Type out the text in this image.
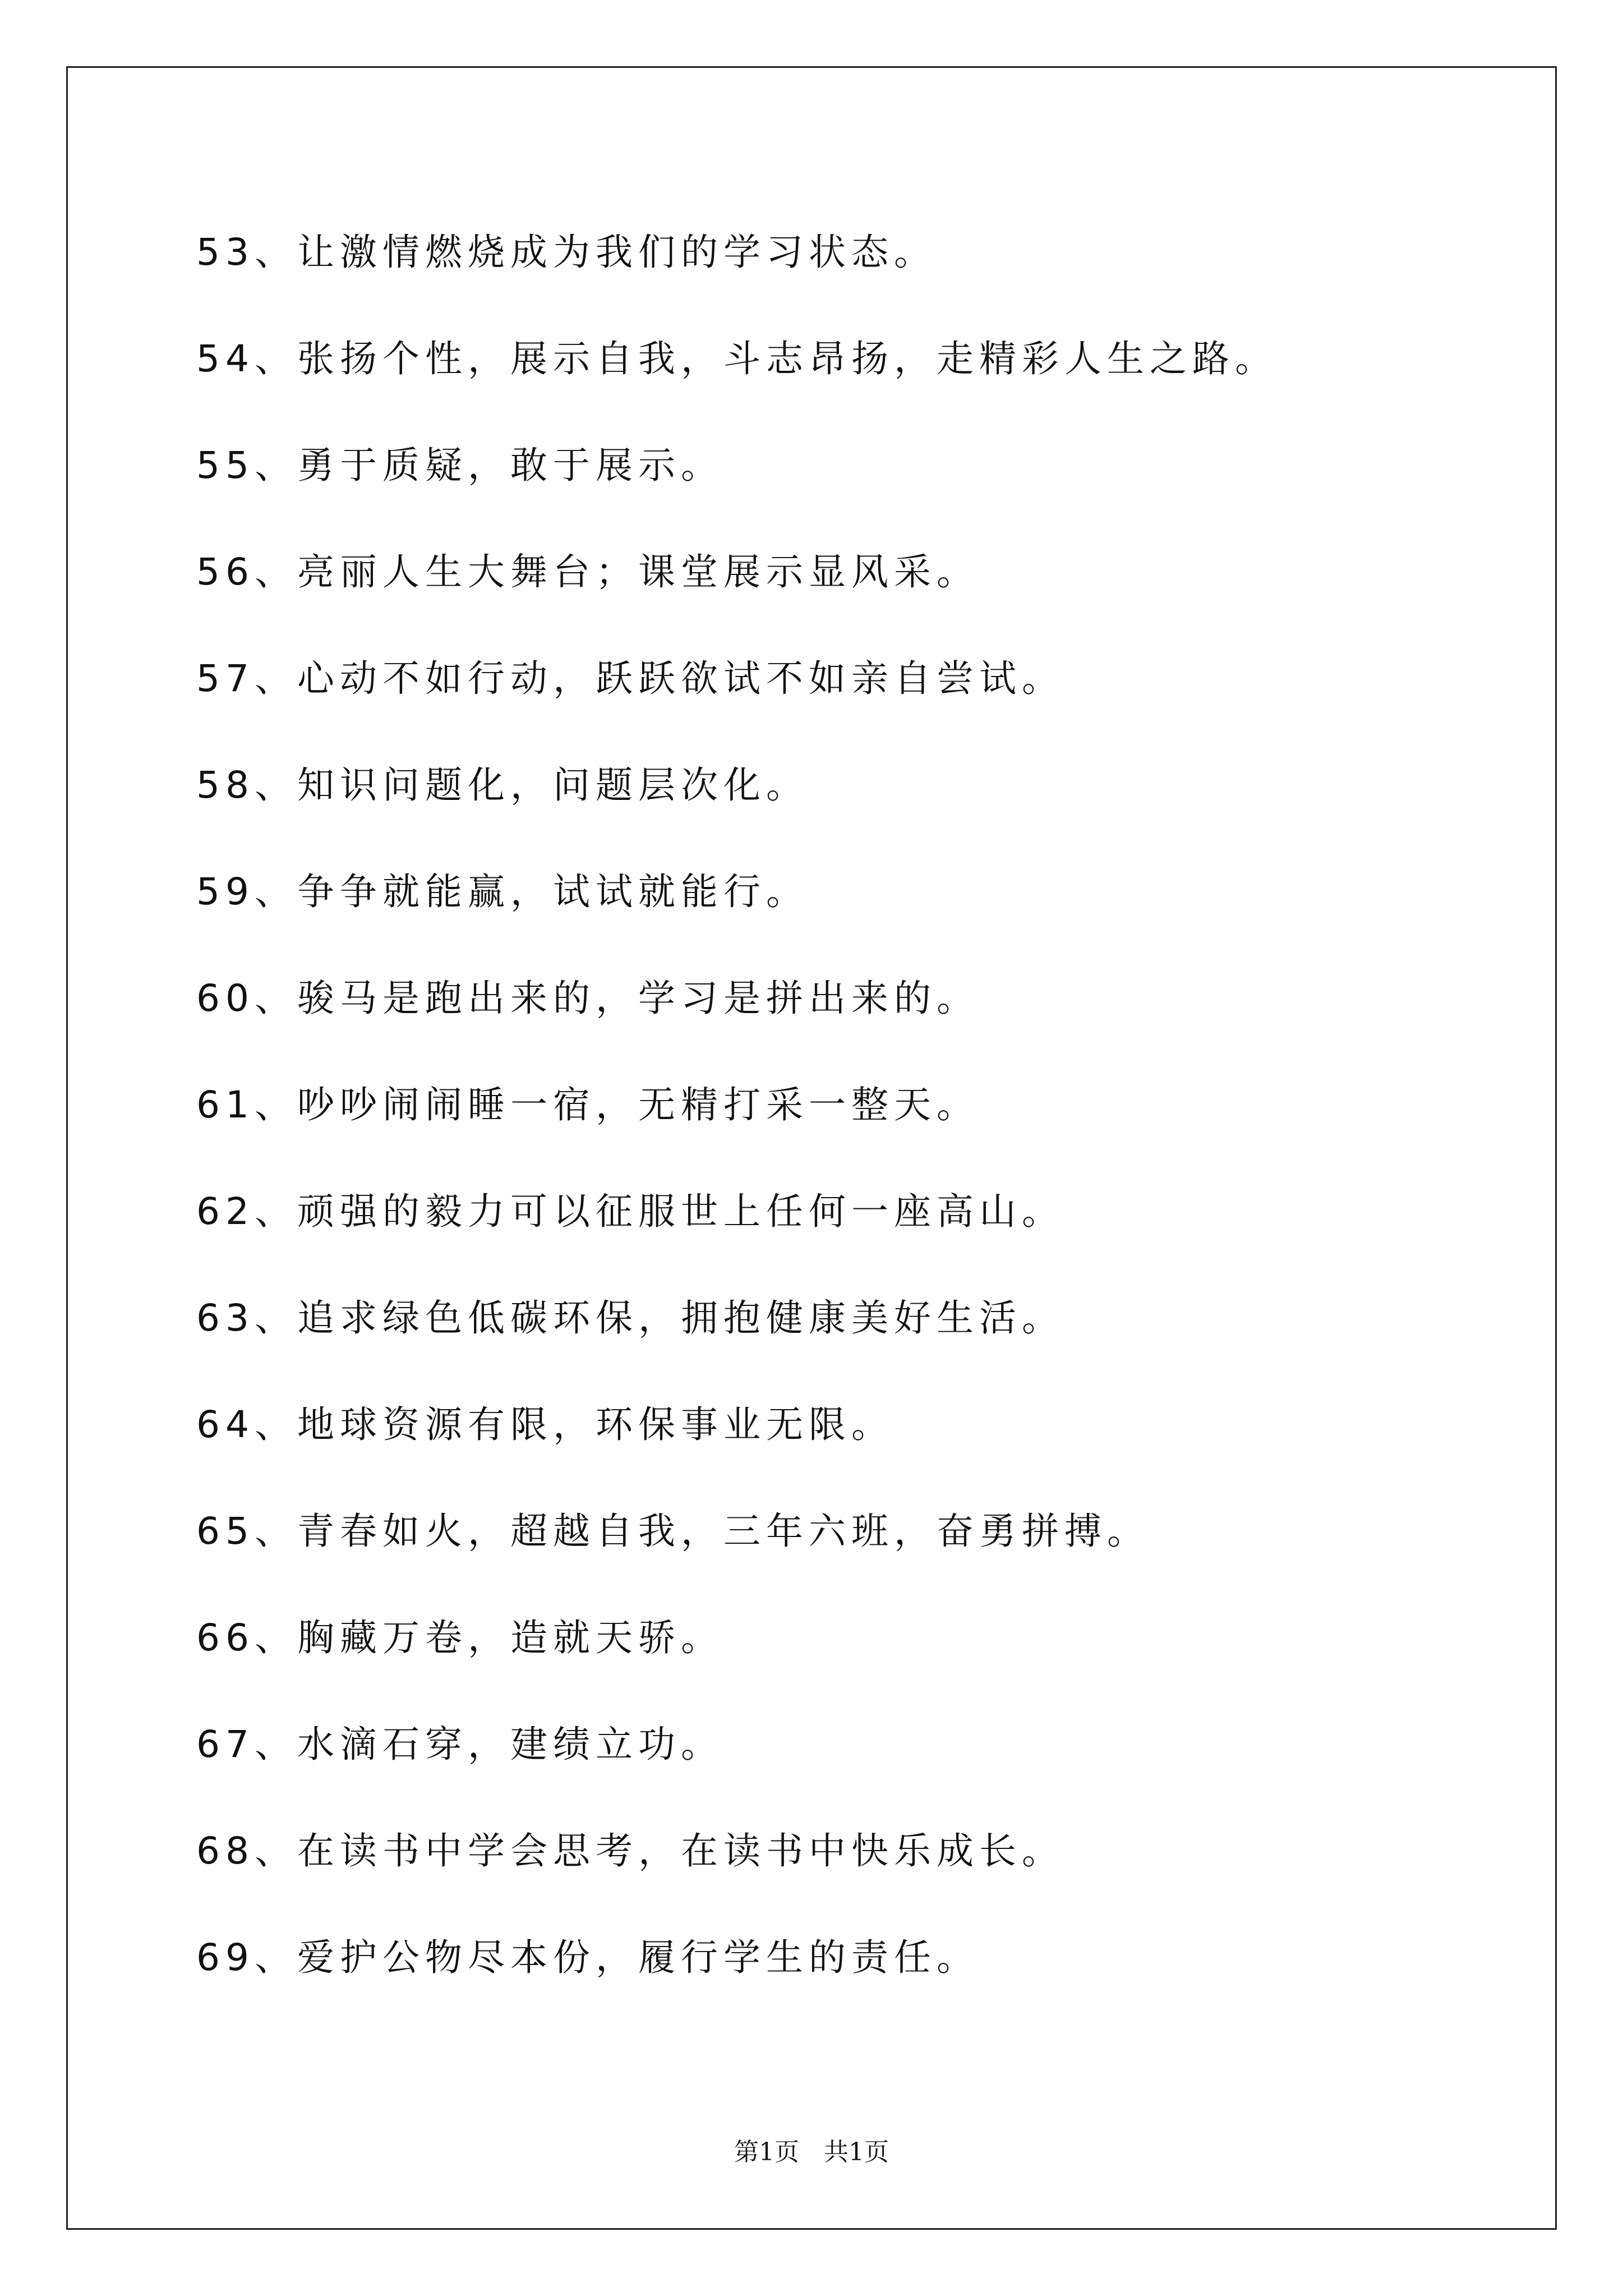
53、让激情燃烧成为我们的学习状态。
54、张扬个性，展示自我，斗志昂扬，走精彩人生之路。
55、勇于质疑，敢于展示。
56、亮丽人生大舞台；课堂展示显风采。
57、心动不如行动，跃跃欲试不如亲自尝试。
58、知识问题化，问题层次化。
59、争争就能赢，试试就能行。
60、骏马是跑出来的，学习是拼出来的。
61、吵吵闹闹睡一宿，无精打采一整天。
62、顽强的毅力可以征服世上任何一座高山。
63、追求绿色低碳环保，拥抱健康美好生活。
64、地球资源有限，环保事业无限。
65、青春如火，超越自我，三年六班，奋勇拼搏。
66、胸藏万卷，造就天骄。
67、水滴石穿，建绩立功。
68、在读书中学会思考，在读书中快乐成长。
69、爱护公物尽本份，履行学生的责任。
第1页 共1页
